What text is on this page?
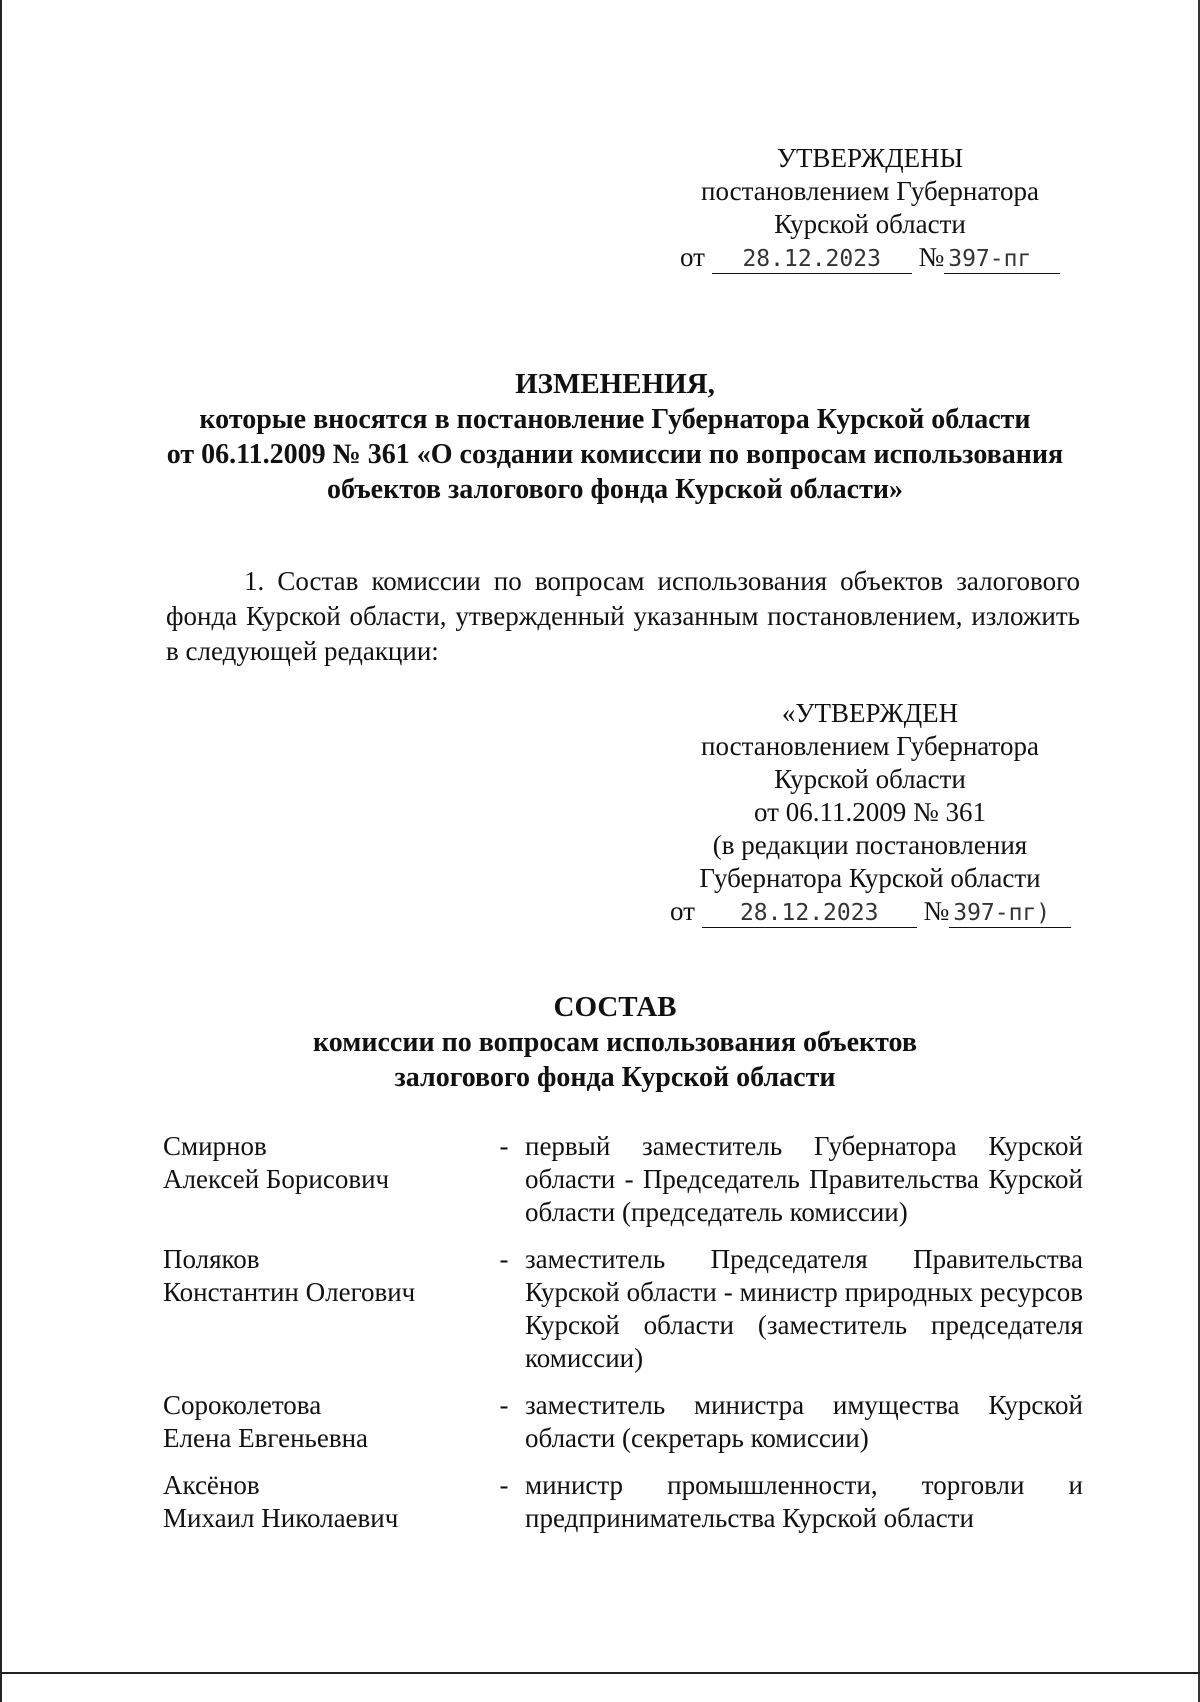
УТВЕРЖДЕНЫ
постановлением Губернатора
Курской области
от 28.12.2023 № 397-пг
ИЗМЕНЕНИЯ,
которые вносятся в постановление Губернатора Курской области
от 06.11.2009 № 361 «О создании комиссии по вопросам использования
объектов залогового фонда Курской области»
1. Состав комиссии по вопросам использования объектов залогового фонда Курской области, утвержденный указанным постановлением, изложить в следующей редакции:
«УТВЕРЖДЕН
постановлением Губернатора
Курской области
от 06.11.2009 № 361
(в редакции постановления
Губернатора Курской области
от 28.12.2023 № 397-пг)
СОСТАВ
комиссии по вопросам использования объектов
залогового фонда Курской области
Смирнов
Алексей Борисович
- первый заместитель Губернатора Курской области - Председатель Правительства Курской области (председатель комиссии)
Поляков
Константин Олегович
- заместитель Председателя Правительства Курской области - министр природных ресурсов Курской области (заместитель председателя комиссии)
Сороколетова
Елена Евгеньевна
- заместитель министра имущества Курской области (секретарь комиссии)
Аксёнов
Михаил Николаевич
- министр промышленности, торговли и предпринимательства Курской области
